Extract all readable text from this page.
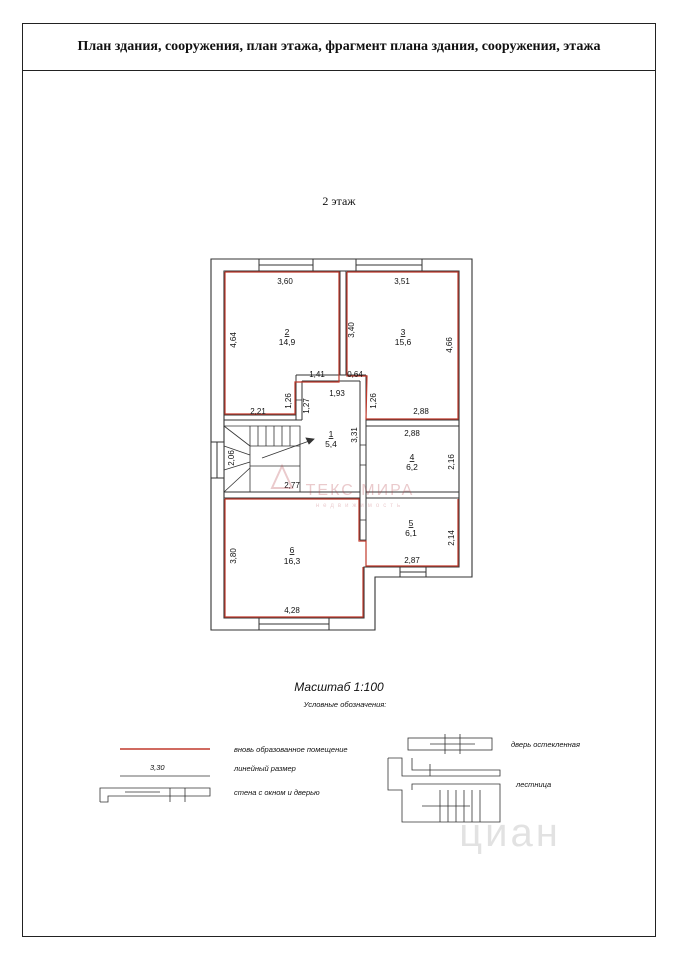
План здания, сооружения, план этажа, фрагмент плана здания, сооружения, этажа
2 этаж
2
14,9
3
15,6
1
5,4
4
6,2
5
6,1
6
16,3
3,60	3,51
4,64
3,40
4,66
1,41	0,64
1,93
1,26 1,27	1,26
2,21	2,88
3,31	2,88
2,06	2,16
2,77
2,14
3,80	2,87
4,28
ТЕКС МИРА
недвижимость
циан
Масштаб 1:100
Условные обозначения:
вновь образованное помещение
3,30	линейный размер
стена с окном и дверью
дверь остекленная
лестница
